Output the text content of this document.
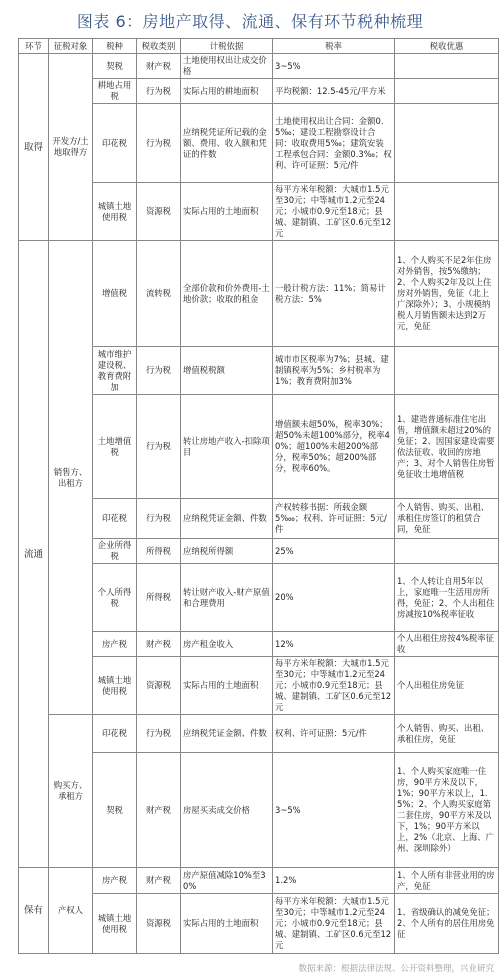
图表 6：房地产取得、流通、保有环节税种梳理
环节	征税对象	税种	税收类别	计税依据	税率	税收优惠
取得	开发方/土地取得方	契税	财产税	土地使用权出让成交价格	3~5%	
		耕地占用税	行为税	实际占用的耕地面积	平均税额：12.5-45元/平方米	
		印花税	行为税	应纳税凭证所记载的金额、费用、收入额和凭证的件数	土地使用权出让合同：金额0.5‰；建设工程勘察设计合同：收取费用5‰；建筑安装工程承包合同：金额0.3‰；权利、许可证照：5元/件	
		城镇土地使用税	资源税	实际占用的土地面积	每平方米年税额：大城市1.5元至30元；中等城市1.2元至24元；小城市0.9元至18元；县城、建制镇、工矿区0.6元至12元	
流通	销售方、出租方	增值税	流转税	全部价款和价外费用-土地价款；收取的租金	一般计税方法：11%；简易计税方法：5%	1、个人购买不足2年住房对外销售，按5%缴纳；2、个人购买2年及以上住房对外销售，免征（北上广深除外）；3、小规模纳税人月销售额未达到2万元，免征
		城市维护建设税、教育费附加	行为税	增值税税额	城市市区税率为7%；县城、建制镇税率为5%；乡村税率为1%；教育费附加3%	
		土地增值税	行为税	转让房地产收入-扣除项目	增值额未超50%，税率30%；超50%未超100%部分，税率40%；超100%未超200%部分，税率50%；超200%部分，税率60%。	1、建造普通标准住宅出售，增值额未超过20%的免征；2、因国家建设需要依法征收、收回的房地产；3、对个人销售住房暂免征收土地增值税
		印花税	行为税	应纳税凭证金额、件数	产权转移书据：所载金额5‱；权利、许可证照：5元/件	个人销售、购买、出租、承租住房签订的租赁合同，免征
		企业所得税	所得税	应纳税所得额	25%	
		个人所得税	所得税	转让财产收入-财产原值和合理费用	20%	1、个人转让自用5年以上，家庭唯一生活用房所得，免征；2、个人出租住房减按10%税率征收
		房产税	财产税	房产租金收入	12%	个人出租住房按4%税率征收
		城镇土地使用税	资源税	实际占用的土地面积	每平方米年税额：大城市1.5元至30元；中等城市1.2元至24元；小城市0.9元至18元；县城、建制镇、工矿区0.6元至12元	个人出租住房免征
	购买方、承租方	印花税	行为税	应纳税凭证金额、件数	权利、许可证照：5元/件	个人销售、购买、出租、承租住房，免征
		契税	财产税	房屋买卖成交价格	3~5%	1、个人购买家庭唯一住房，90平方米及以下，1%；90平方米以上，1.5%；2、个人购买家庭第二套住房，90平方米及以下，1%；90平方米以上，2%（北京、上海、广州、深圳除外）
保有	产权人	房产税	财产税	房产原值减除10%至30%	1.2%	1、个人所有非营业用的房产，免征
		城镇土地使用税	资源税	实际占用的土地面积	每平方米年税额：大城市1.5元至30元；中等城市1.2元至24元；小城市0.9元至18元；县城、建制镇、工矿区0.6元至12元	1、省级确认的减免免征；2、个人所有的居住用房免征
数据来源：根据法律法规、公开资料整理，兴业研究
